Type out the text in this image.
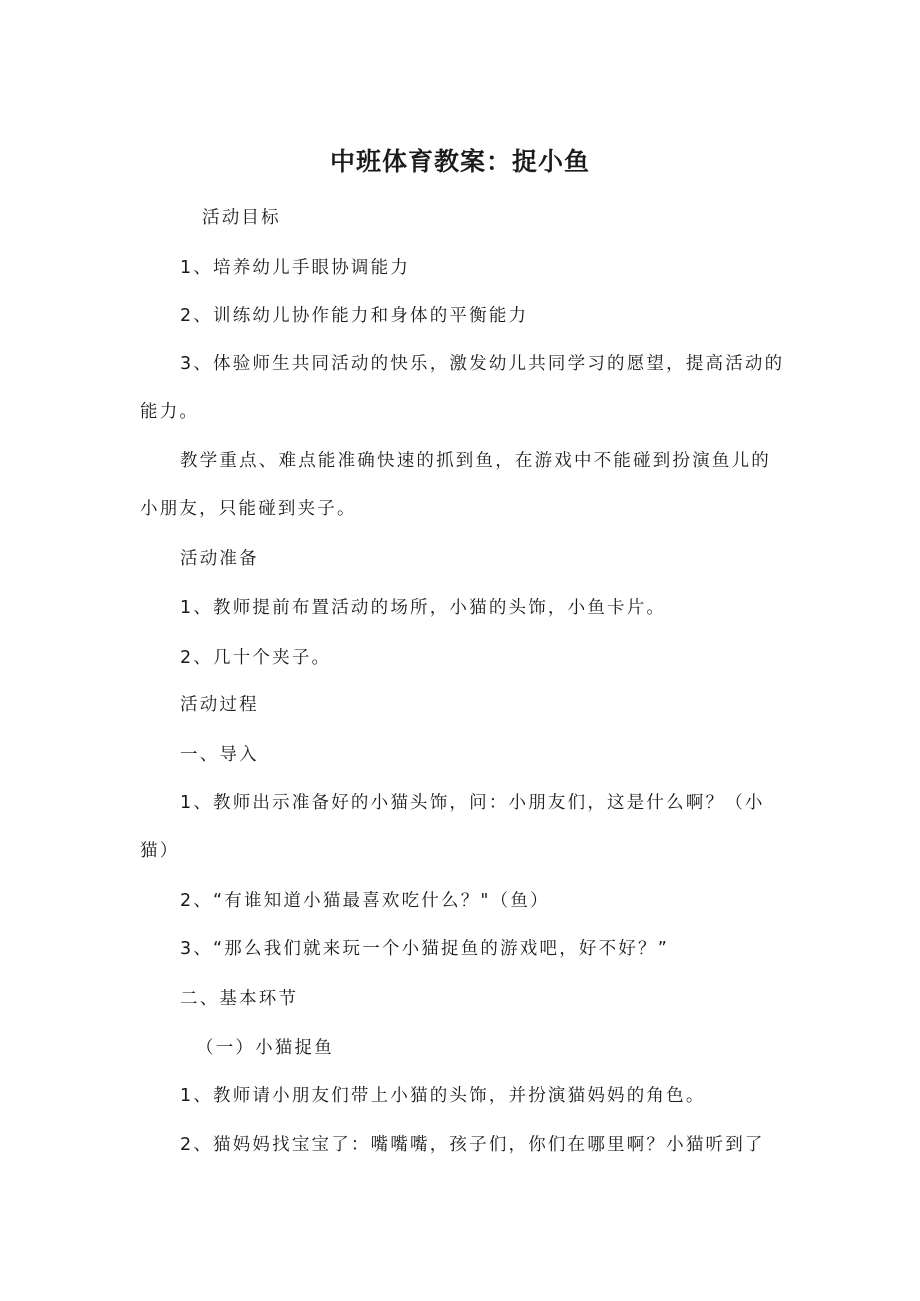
中班体育教案：捉小鱼

活动目标

1、培养幼儿手眼协调能力

2、训练幼儿协作能力和身体的平衡能力

3、体验师生共同活动的快乐，激发幼儿共同学习的愿望，提高活动的能力。

教学重点、难点能准确快速的抓到鱼，在游戏中不能碰到扮演鱼儿的小朋友，只能碰到夹子。

活动准备

1、教师提前布置活动的场所，小猫的头饰，小鱼卡片。

2、几十个夹子。

活动过程

一、导入

1、教师出示准备好的小猫头饰，问：小朋友们，这是什么啊？（小猫）

2、“有谁知道小猫最喜欢吃什么？"（鱼）

3、“那么我们就来玩一个小猫捉鱼的游戏吧，好不好？”

二、基本环节

（一）小猫捉鱼

1、教师请小朋友们带上小猫的头饰，并扮演猫妈妈的角色。

2、猫妈妈找宝宝了：嘴嘴嘴，孩子们，你们在哪里啊？小猫听到了
